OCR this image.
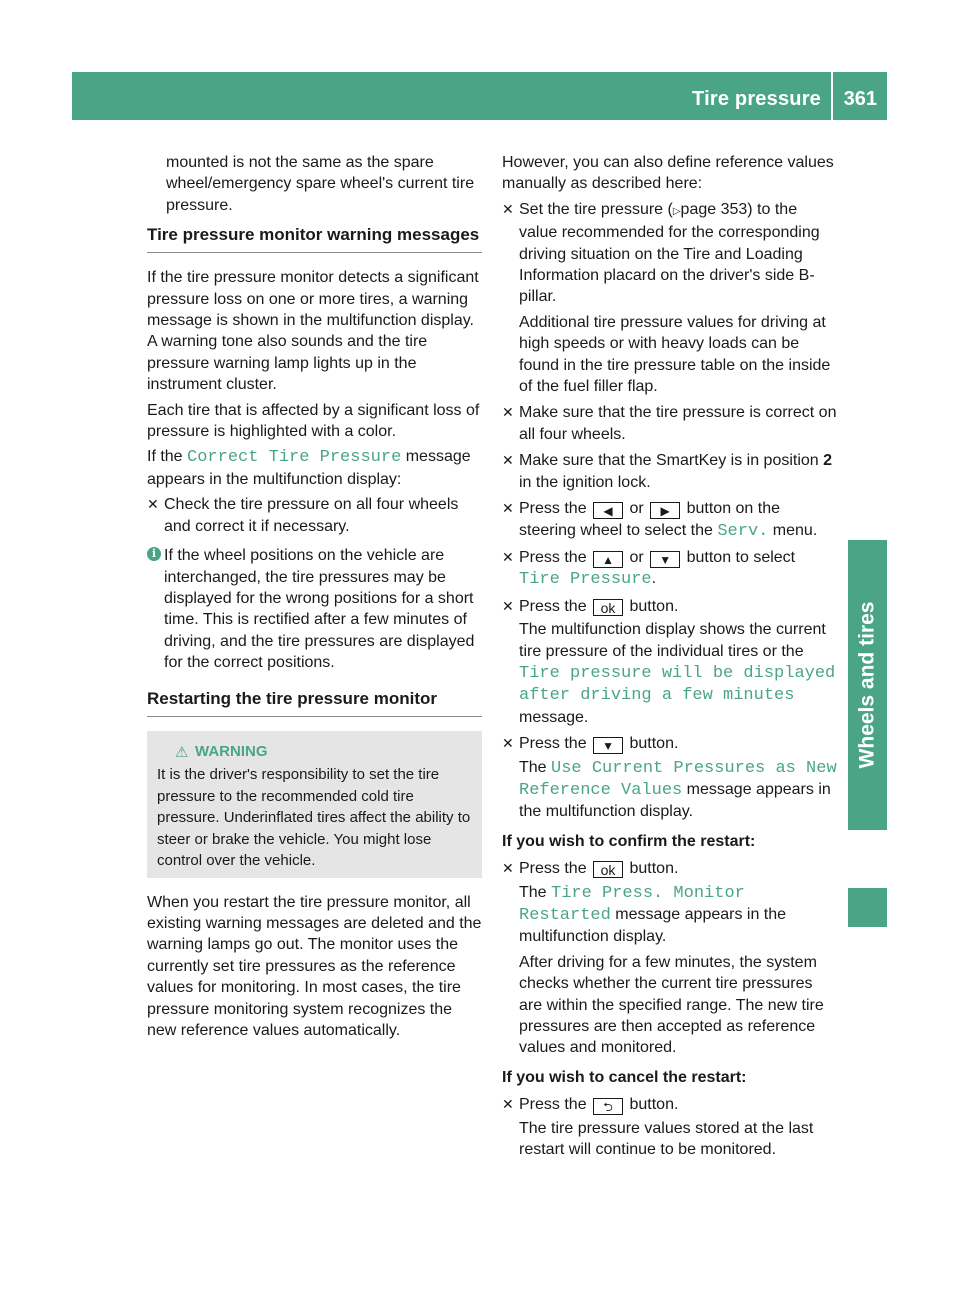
Tire pressure 361
Wheels and tires

mounted is not the same as the spare wheel/emergency spare wheel's current tire pressure.

Tire pressure monitor warning messages

If the tire pressure monitor detects a significant pressure loss on one or more tires, a warning message is shown in the multifunction display. A warning tone also sounds and the tire pressure warning lamp lights up in the instrument cluster.

Each tire that is affected by a significant loss of pressure is highlighted with a color.

If the Correct Tire Pressure message appears in the multifunction display:

✕ Check the tire pressure on all four wheels and correct it if necessary.
i If the wheel positions on the vehicle are interchanged, the tire pressures may be displayed for the wrong positions for a short time. This is rectified after a few minutes of driving, and the tire pressures are displayed for the correct positions.
Restarting the tire pressure monitor
⚠ WARNING
It is the driver's responsibility to set the tire pressure to the recommended cold tire pressure. Underinflated tires affect the ability to steer or brake the vehicle. You might lose control over the vehicle.

When you restart the tire pressure monitor, all existing warning messages are deleted and the warning lamps go out. The monitor uses the currently set tire pressures as the reference values for monitoring. In most cases, the tire pressure monitoring system recognizes the new reference values automatically.

However, you can also define reference values manually as described here:

✕ Set the tire pressure (▷page 353) to the value recommended for the corresponding driving situation on the Tire and Loading Information placard on the driver's side B-pillar.

Additional tire pressure values for driving at high speeds or with heavy loads can be found in the tire pressure table on the inside of the fuel filler flap.

✕ Make sure that the tire pressure is correct on all four wheels.
✕ Make sure that the SmartKey is in position 2 in the ignition lock.
✕ Press the ◀ or ▶ button on the steering wheel to select the Serv. menu.
✕ Press the ▲ or ▼ button to select Tire Pressure.
✕ Press the ok button.

The multifunction display shows the current tire pressure of the individual tires or the Tire pressure will be displayed after driving a few minutes message.

✕ Press the ▼ button.

The Use Current Pressures as New Reference Values message appears in the multifunction display.

If you wish to confirm the restart:

✕ Press the ok button.

The Tire Press. Monitor Restarted message appears in the multifunction display.

After driving for a few minutes, the system checks whether the current tire pressures are within the specified range. The new tire pressures are then accepted as reference values and monitored.

If you wish to cancel the restart:

✕ Press the ⮌ button.

The tire pressure values stored at the last restart will continue to be monitored.
